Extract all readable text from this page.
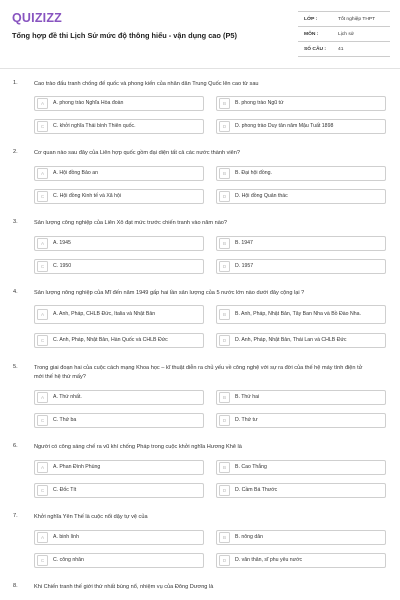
QUIZIZZ
Tổng hợp đề thi Lịch Sử mức độ thông hiểu - vận dụng cao (P5)
LỚP :	Tốt nghiệp THPT
MÔN :	Lịch sử
SỐ CÂU :	41
1.	Cao trào đấu tranh chống đế quốc và phong kiến của nhân dân Trung Quốc lên cao từ sau
A	A. phong trào Nghĩa Hòa đoàn	B	B. phong trào Ngũ tứ
C	C. khởi nghĩa Thái bình Thiên quốc.	D	D. phong trào Duy tân năm Mậu Tuất 1898
2.	Cơ quan nào sau đây của Liên hợp quốc gồm đại diện tất cả các nước thành viên?
A	A. Hội đồng Bảo an	B	B. Đại hội đồng.
C	C. Hội đồng Kinh tế và Xã hội	D	D. Hội đồng Quản thác
3.	Sản lượng công nghiệp của Liên Xô đạt mức trước chiến tranh vào năm nào?
A	A. 1945	B	B. 1947
C	C. 1950	D	D. 1957
4.	Sản lượng nông nghiệp của Mĩ đến năm 1949 gấp hai lần sản lượng của 5 nước lớn nào dưới đây cộng lại ?
A	A. Anh, Pháp, CHLB Đức, Italia và Nhật Bản	B	B. Anh, Pháp, Nhật Bản, Tây Ban Nha và Bồ Đào Nha.
C	C. Anh, Pháp, Nhật Bản, Hàn Quốc và CHLB Đức	D	D. Anh, Pháp, Nhật Bản, Thái Lan và CHLB Đức
5.	Trong giai đoạn hai của cuộc cách mạng Khoa học – kĩ thuật diễn ra chủ yếu về công nghệ với sự ra đời của thế hệ máy tính điện tử mới thế hệ thứ mấy?
A	A. Thứ nhất.	B	B. Thứ hai
C	C. Thứ ba	D	D. Thứ tư
6.	Người có công sáng chế ra vũ khí chống Pháp trong cuộc khởi nghĩa Hương Khê là
A	A. Phan Đình Phùng	B	B. Cao Thắng
C	C. Đốc Tít	D	D. Cầm Bá Thước
7.	Khởi nghĩa Yên Thế là cuộc nổi dậy tự vệ của
A	A. binh lính	B	B. nông dân
C	C. công nhân	D	D. văn thân, sĩ phu yêu nước
8.	Khi Chiến tranh thế giới thứ nhất bùng nổ, nhiệm vụ của Đông Dương là
